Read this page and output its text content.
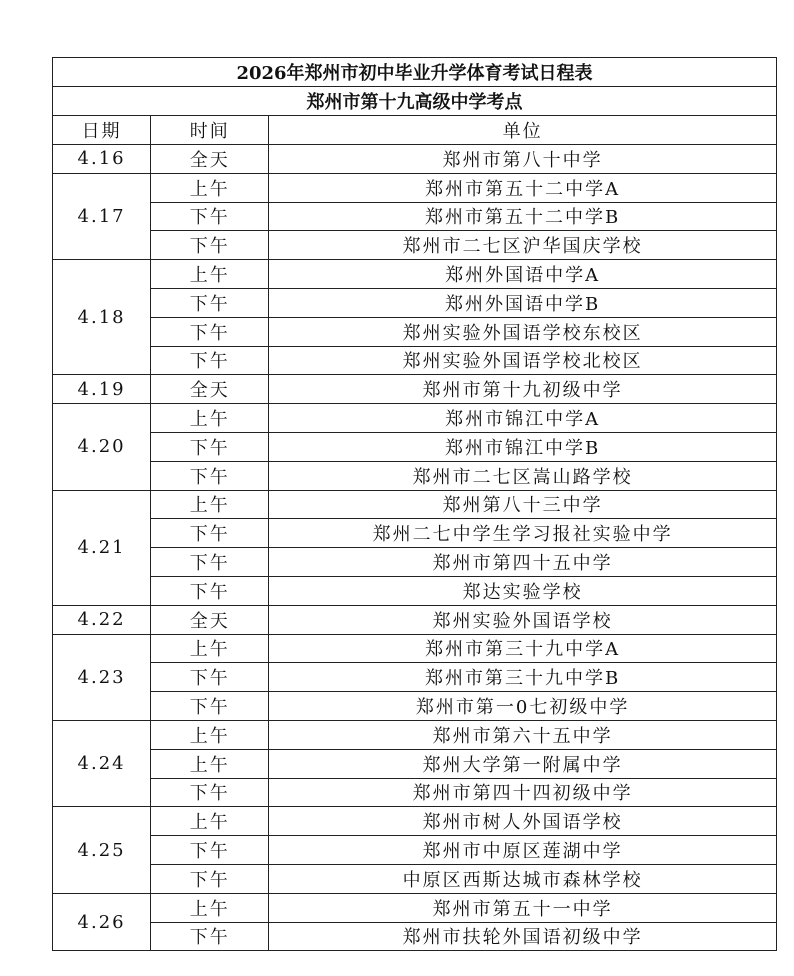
2026年郑州市初中毕业升学体育考试日程表		
郑州市第十九高级中学考点		
日期	时间	单位
4.16	全天	郑州市第八十中学
4.17	上午	郑州市第五十二中学A
	下午	郑州市第五十二中学B
	下午	郑州市二七区沪华国庆学校
4.18	上午	郑州外国语中学A
	下午	郑州外国语中学B
	下午	郑州实验外国语学校东校区
	下午	郑州实验外国语学校北校区
4.19	全天	郑州市第十九初级中学
4.20	上午	郑州市锦江中学A
	下午	郑州市锦江中学B
	下午	郑州市二七区嵩山路学校
4.21	上午	郑州第八十三中学
	下午	郑州二七中学生学习报社实验中学
	下午	郑州市第四十五中学
	下午	郑达实验学校
4.22	全天	郑州实验外国语学校
4.23	上午	郑州市第三十九中学A
	下午	郑州市第三十九中学B
	下午	郑州市第一0七初级中学
4.24	上午	郑州市第六十五中学
	上午	郑州大学第一附属中学
	下午	郑州市第四十四初级中学
4.25	上午	郑州市树人外国语学校
	下午	郑州市中原区莲湖中学
	下午	中原区西斯达城市森林学校
4.26	上午	郑州市第五十一中学
	下午	郑州市扶轮外国语初级中学
